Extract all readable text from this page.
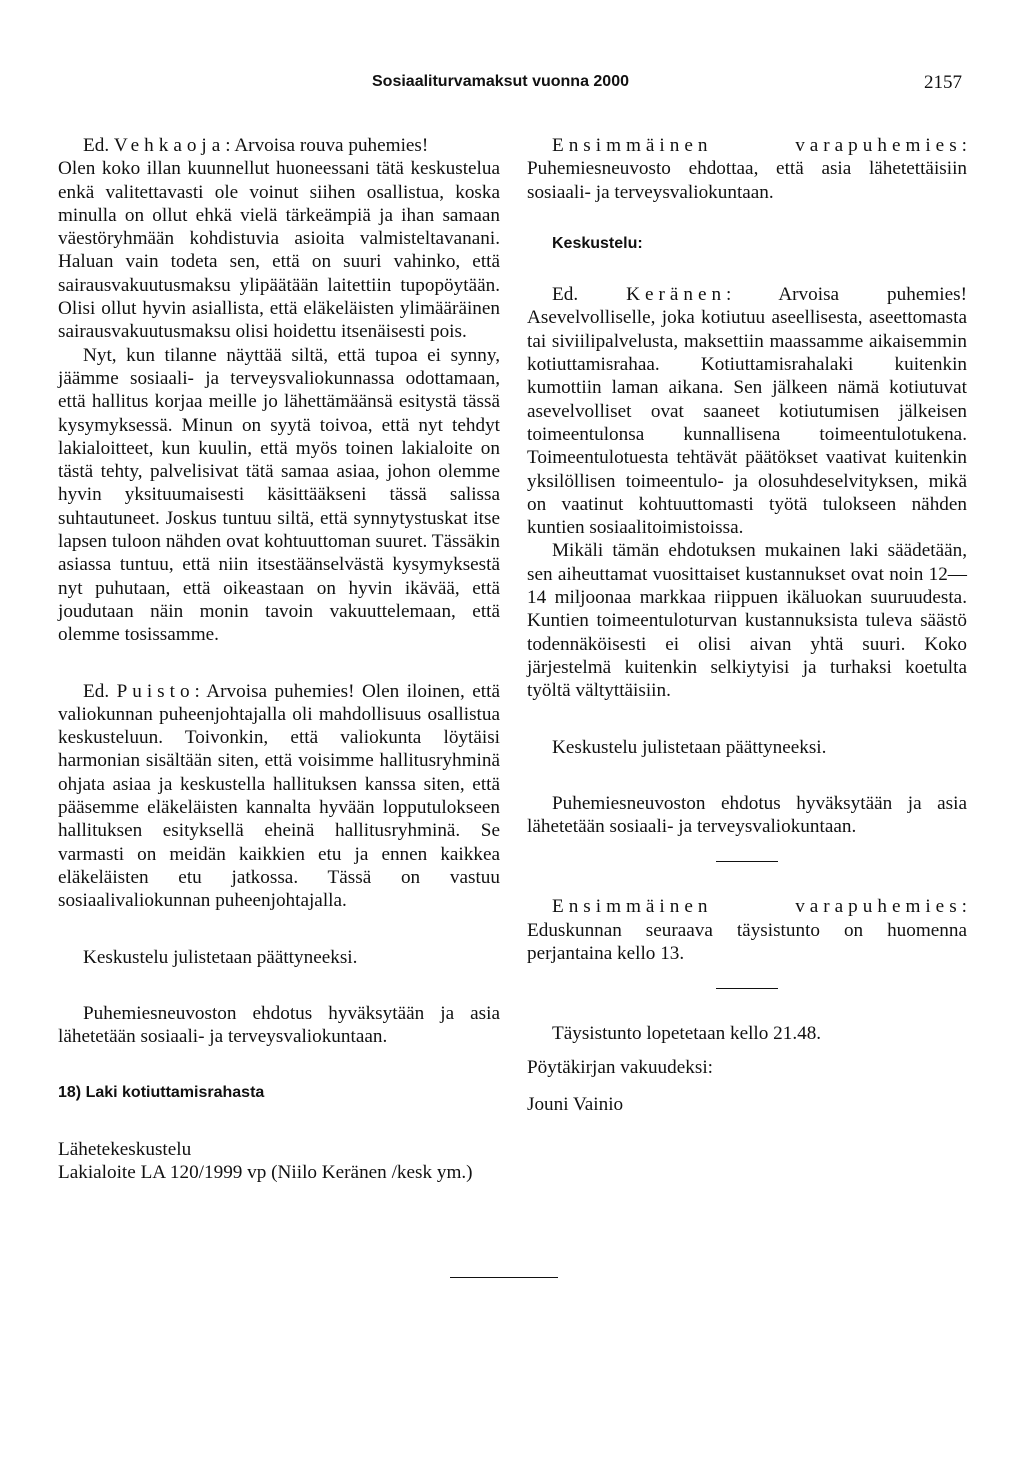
Sosiaaliturvamaksut vuonna 2000	2157

Ed. Vehkaoja: Arvoisa rouva puhemies!

Olen koko illan kuunnellut huoneessani tätä keskustelua enkä valitettavasti ole voinut siihen osallistua, koska minulla on ollut ehkä vielä tärkeämpiä ja ihan samaan väestöryhmään kohdistuvia asioita valmisteltavanani. Haluan vain todeta sen, että on suuri vahinko, että sairausvakuutusmaksu ylipäätään laitettiin tupopöytään. Olisi ollut hyvin asiallista, että eläkeläisten ylimääräinen sairausvakuutusmaksu olisi hoidettu itsenäisesti pois.

Nyt, kun tilanne näyttää siltä, että tupoa ei synny, jäämme sosiaali- ja terveysvaliokunnassa odottamaan, että hallitus korjaa meille jo lähettämäänsä esitystä tässä kysymyksessä. Minun on syytä toivoa, että nyt tehdyt lakialoitteet, kun kuulin, että myös toinen lakialoite on tästä tehty, palvelisivat tätä samaa asiaa, johon olemme hyvin yksituumaisesti käsittääkseni tässä salissa suhtautuneet. Joskus tuntuu siltä, että synnytystuskat itse lapsen tuloon nähden ovat kohtuuttoman suuret. Tässäkin asiassa tuntuu, että niin itsestäänselvästä kysymyksestä nyt puhutaan, että oikeastaan on hyvin ikävää, että joudutaan näin monin tavoin vakuuttelemaan, että olemme tosissamme.

Ed. Puisto: Arvoisa puhemies! Olen iloinen, että valiokunnan puheenjohtajalla oli mahdollisuus osallistua keskusteluun. Toivonkin, että valiokunta löytäisi harmonian sisältään siten, että voisimme hallitusryhminä ohjata asiaa ja keskustella hallituksen kanssa siten, että pääsemme eläkeläisten kannalta hyvään lopputulokseen hallituksen esityksellä eheinä hallitusryhminä. Se varmasti on meidän kaikkien etu ja ennen kaikkea eläkeläisten etu jatkossa. Tässä on vastuu sosiaalivaliokunnan puheenjohtajalla.

Keskustelu julistetaan päättyneeksi.

Puhemiesneuvoston ehdotus hyväksytään ja asia lähetetään sosiaali- ja terveysvaliokuntaan.

18) Laki kotiuttamisrahasta

Lähetekeskustelu

Lakialoite LA 120/1999 vp (Niilo Keränen /kesk ym.)

Ensimmäinen varapuhemies: Puhemiesneuvosto ehdottaa, että asia lähetettäisiin sosiaali- ja terveysvaliokuntaan.

Keskustelu:

Ed. Keränen: Arvoisa puhemies! Asevelvolliselle, joka kotiutuu aseellisesta, aseettomasta tai siviilipalvelusta, maksettiin maassamme aikaisemmin kotiuttamisrahaa. Kotiuttamisrahalaki kuitenkin kumottiin laman aikana. Sen jälkeen nämä kotiutuvat asevelvolliset ovat saaneet kotiutumisen jälkeisen toimeentulonsa kunnallisena toimeentulotukena. Toimeentulotuesta tehtävät päätökset vaativat kuitenkin yksilöllisen toimeentulo- ja olosuhdeselvityksen, mikä on vaatinut kohtuuttomasti työtä tulokseen nähden kuntien sosiaalitoimistoissa.

Mikäli tämän ehdotuksen mukainen laki säädetään, sen aiheuttamat vuosittaiset kustannukset ovat noin 12—14 miljoonaa markkaa riippuen ikäluokan suuruudesta. Kuntien toimeentuloturvan kustannuksista tuleva säästö todennäköisesti ei olisi aivan yhtä suuri. Koko järjestelmä kuitenkin selkiytyisi ja turhaksi koetulta työltä vältyttäisiin.

Keskustelu julistetaan päättyneeksi.

Puhemiesneuvoston ehdotus hyväksytään ja asia lähetetään sosiaali- ja terveysvaliokuntaan.

Ensimmäinen varapuhemies: Eduskunnan seuraava täysistunto on huomenna perjantaina kello 13.

Täysistunto lopetetaan kello 21.48.

Pöytäkirjan vakuudeksi:

Jouni Vainio
